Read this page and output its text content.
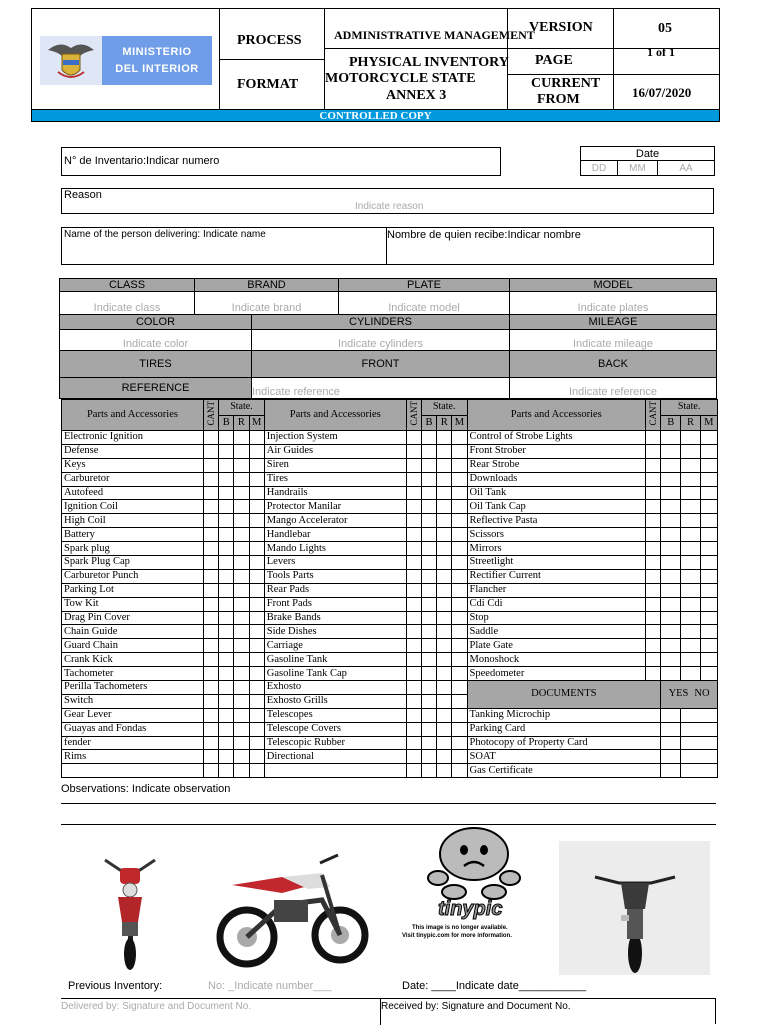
MINISTERIO
DEL INTERIOR
PROCESS
FORMAT
ADMINISTRATIVE MANAGEMENT
PHYSICAL INVENTORY
MOTORCYCLE STATE
ANNEX 3
VERSION	05
PAGE
1 of 1
CURRENT
FROM	16/07/2020
CONTROLLED COPY
N° de Inventario:Indicar numero
Date
DD	MM	AA
Reason
Indicate reason
Name of the person delivering: Indicate name	Nombre de quien recibe:Indicar nombre
CLASS	BRAND	PLATE	MODEL
Indicate class	Indicate brand	Indicate model	Indicate plates
COLOR	CYLINDERS	MILEAGE
Indicate color	Indicate cylinders	Indicate mileage
TIRES	FRONT	BACK
REFERENCE	Indicate reference	Indicate reference
Parts and Accessories	CANT	State.			Parts and Accessories	CANT	State.			Parts and Accessories	CANT	State.		
		B	R	M			B	R	M			B	R	M
Electronic Ignition					Injection System					Control of Strobe Lights				
Defense					Air Guides					Front Strober				
Keys					Siren					Rear Strobe				
Carburetor					Tires					Downloads				
Autofeed					Handrails					Oil Tank				
Ignition Coil					Protector Manilar					Oil Tank Cap				
High Coil					Mango Accelerator					Reflective Pasta				
Battery					Handlebar					Scissors				
Spark plug					Mando Lights					Mirrors				
Spark Plug Cap					Levers					Streetlight				
Carburetor Punch					Tools Parts					Rectifier Current				
Parking Lot					Rear Pads					Flancher				
Tow Kit					Front Pads					Cdi Cdi				
Drag Pin Cover					Brake Bands					Stop				
Chain Guide					Side Dishes					Saddle				
Guard Chain					Carriage					Plate Gate				
Crank Kick					Gasoline Tank					Monoshock				
Tachometer					Gasoline Tank Cap					Speedometer				
Perilla Tachometers					Exhosto					DOCUMENTS		YES NO		
Switch					Exhosto Grills									
Gear Lever					Telescopes					Tanking Microchip				
Guayas and Fondas					Telescope Covers					Parking Card				
fender					Telescopic Rubber					Photocopy of Property Card				
Rims					Directional					SOAT				
										Gas Certificate				
Observations: Indicate observation
tinypic
This image is no longer available.
Visit tinypic.com for more information.
Previous Inventory:	No: _Indicate number___	Date: ____Indicate date___________
Delivered by: Signature and Document No.	Received by: Signature and Document No.
